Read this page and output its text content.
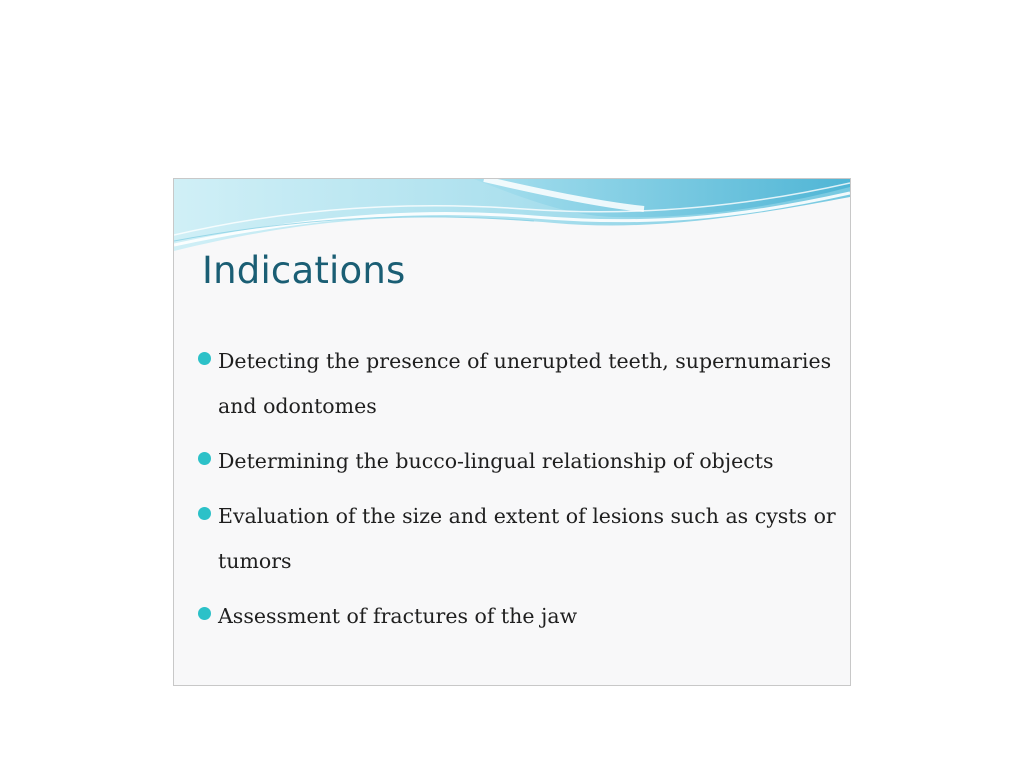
Indications
Detecting the presence of unerupted teeth, supernumaries and odontomes
Determining the bucco-lingual relationship of objects
Evaluation of the size and extent of lesions such as cysts or tumors
Assessment of fractures of the jaw
